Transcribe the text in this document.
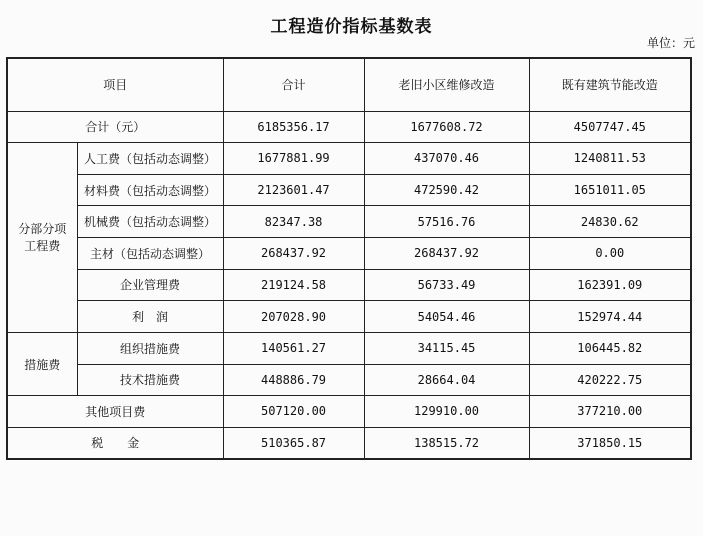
工程造价指标基数表
单位：元
项目		合计	老旧小区维修改造	既有建筑节能改造
合计（元）		6185356.17	1677608.72	4507747.45
分部分项
工程费	人工费（包括动态调整）	1677881.99	437070.46	1240811.53
	材料费（包括动态调整）	2123601.47	472590.42	1651011.05
	机械费（包括动态调整）	82347.38	57516.76	24830.62
	主材（包括动态调整）	268437.92	268437.92	0.00
	企业管理费	219124.58	56733.49	162391.09
	利　润	207028.90	54054.46	152974.44
措施费	组织措施费	140561.27	34115.45	106445.82
	技术措施费	448886.79	28664.04	420222.75
其他项目费		507120.00	129910.00	377210.00
税　　金		510365.87	138515.72	371850.15
